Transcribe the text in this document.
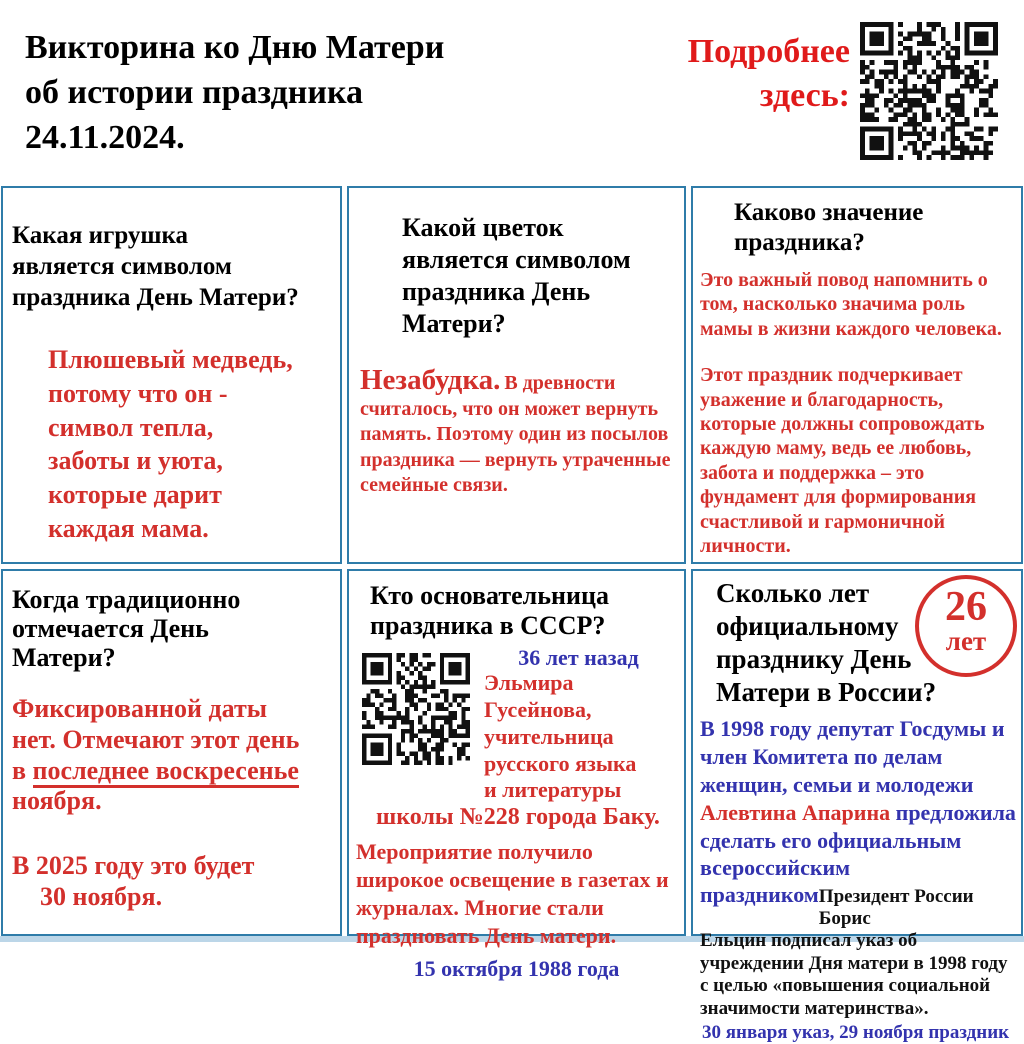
Викторина ко Дню Матери
об истории праздника
24.11.2024.
Подробнее
здесь:
Какая игрушка
является символом
праздника День Матери?
Плюшевый медведь,
потому что он -
символ тепла,
заботы и уюта,
которые дарит
каждая мама.
Какой цветок
является символом
праздника День
Матери?
Незабудка. В древности считалось, что он может вернуть память. Поэтому один из посылов праздника — вернуть утраченные семейные связи.
Каково значение
праздника?
Это важный повод напомнить о том, насколько значима роль мамы в жизни каждого человека.
Этот праздник подчеркивает уважение и благодарность, которые должны сопровождать каждую маму, ведь ее любовь, забота и поддержка – это фундамент для формирования счастливой и гармоничной личности.
Когда традиционно
отмечается День
Матери?
Фиксированной даты
нет. Отмечают этот день
в последнее воскресенье
ноября.
В 2025 году это будет
30 ноября.
Кто основательница
праздника в СССР?
36 лет назад
Эльмира Гусейнова,
учительница
русского языка
и литературы
школы №228 города Баку.
Мероприятие получило широкое освещение в газетах и журналах. Многие стали праздновать День матери.
15 октября 1988 года
26
лет
Сколько лет
официальному
празднику День
Матери в России?
В 1998 году депутат Госдумы и член Комитета по делам женщин, семьи и молодежи Алевтина Апарина предложила сделать его официальным всероссийским
праздником Президент России Борис
Ельцин подписал указ об учреждении Дня матери в 1998 году с целью «повышения социальной значимости материнства».
30 января указ, 29 ноября праздник
